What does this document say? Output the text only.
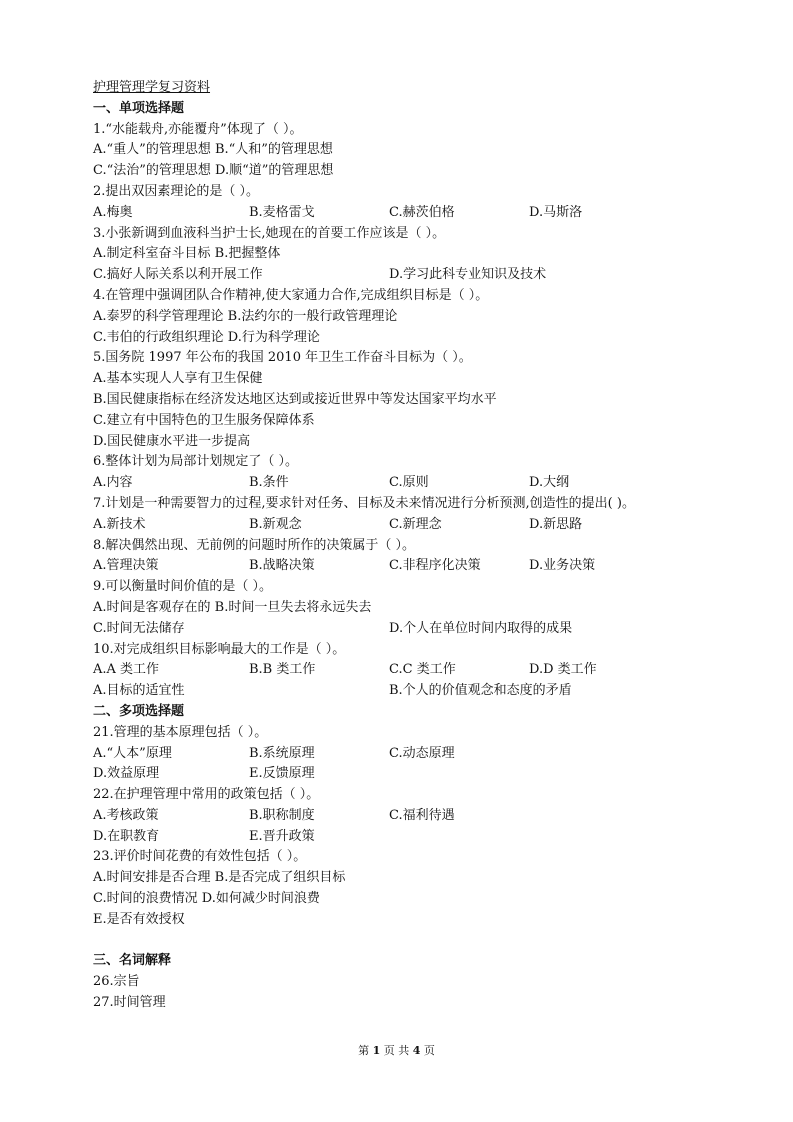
护理管理学复习资料
一、单项选择题
1.“水能载舟,亦能覆舟”体现了（ ）。
A.“重人”的管理思想 B.“人和”的管理思想
C.“法治”的管理思想 D.顺“道”的管理思想
2.提出双因素理论的是（ ）。
A.梅奥	B.麦格雷戈	C.赫茨伯格	D.马斯洛
3.小张新调到血液科当护士长,她现在的首要工作应该是（ ）。
A.制定科室奋斗目标 B.把握整体
C.搞好人际关系以利开展工作	D.学习此科专业知识及技术
4.在管理中强调团队合作精神,使大家通力合作,完成组织目标是（ ）。
A.泰罗的科学管理理论 B.法约尔的一般行政管理理论
C.韦伯的行政组织理论 D.行为科学理论
5.国务院 1997 年公布的我国 2010 年卫生工作奋斗目标为（ ）。
A.基本实现人人享有卫生保健
B.国民健康指标在经济发达地区达到或接近世界中等发达国家平均水平
C.建立有中国特色的卫生服务保障体系
D.国民健康水平进一步提高
6.整体计划为局部计划规定了（ ）。
A.内容	B.条件	C.原则	D.大纲
7.计划是一种需要智力的过程,要求针对任务、目标及未来情况进行分析预测,创造性的提出( )。
A.新技术	B.新观念	C.新理念	D.新思路
8.解决偶然出现、无前例的问题时所作的决策属于（ ）。
A.管理决策	B.战略决策	C.非程序化决策	D.业务决策
9.可以衡量时间价值的是（ ）。
A.时间是客观存在的 B.时间一旦失去将永远失去
C.时间无法储存	D.个人在单位时间内取得的成果
10.对完成组织目标影响最大的工作是（ ）。
A.A 类工作	B.B 类工作	C.C 类工作	D.D 类工作
A.目标的适宜性	B.个人的价值观念和态度的矛盾
二、多项选择题
21.管理的基本原理包括（ ）。
A.“人本”原理	B.系统原理	C.动态原理
D.效益原理	E.反馈原理
22.在护理管理中常用的政策包括（ ）。
A.考核政策	B.职称制度	C.福利待遇
D.在职教育	E.晋升政策
23.评价时间花费的有效性包括（ ）。
A.时间安排是否合理 B.是否完成了组织目标
C.时间的浪费情况 D.如何减少时间浪费
E.是否有效授权
三、名词解释
26.宗旨
27.时间管理
第 1 页 共 4 页
